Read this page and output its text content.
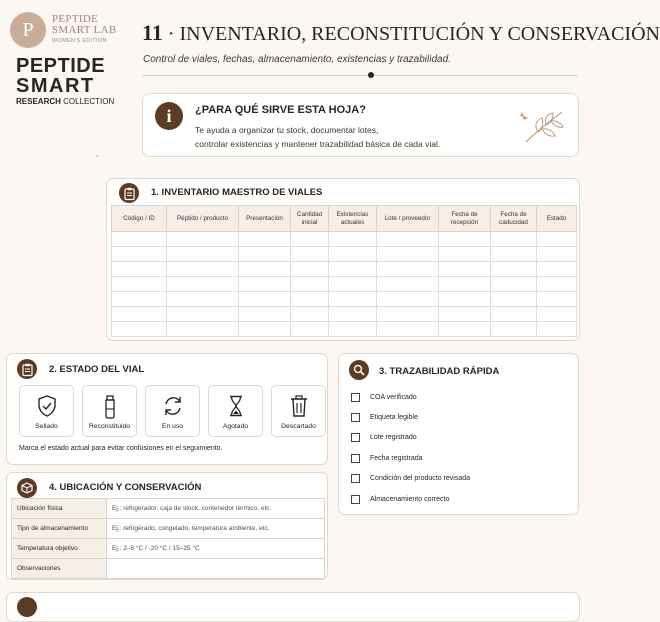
P	PEPTIDE
SMART LAB
WOMEN'S EDITION
PEPTIDE
SMART
RESEARCH COLLECTION
11 · INVENTARIO, RECONSTITUCIÓN Y CONSERVACIÓN
Control de viales, fechas, almacenamiento, existencias y trazabilidad.
i	¿PARA QUÉ SIRVE ESTA HOJA?
Te ayuda a organizar tu stock, documentar lotes,
controlar existencias y mantener trazabilidad básica de cada vial.
ˆ
1. INVENTARIO MAESTRO DE VIALES
Código / ID	Péptido / producto	Presentación	Cantidad inicial	Existencias actuales	Lote / proveedor	Fecha de recepción	Fecha de caducidad	Estado

2. ESTADO DEL VIAL
Sellado	Reconstituido	En uso	Agotado	Descartado
Marca el estado actual para evitar confusiones en el seguimiento.
3. TRAZABILIDAD RÁPIDA
COA verificado
Etiqueta legible
Lote registrado
Fecha registrada
Condición del producto revisada
Almacenamiento correcto
4. UBICACIÓN Y CONSERVACIÓN
Ubicación física	Ej.: refrigerador, caja de stock, contenedor térmico, etc.
Tipo de almacenamiento	Ej.: refrigerado, congelado, temperatura ambiente, etc.
Temperatura objetivo	Ej.: 2–8 °C / -20 °C / 15–25 °C
Observaciones	
